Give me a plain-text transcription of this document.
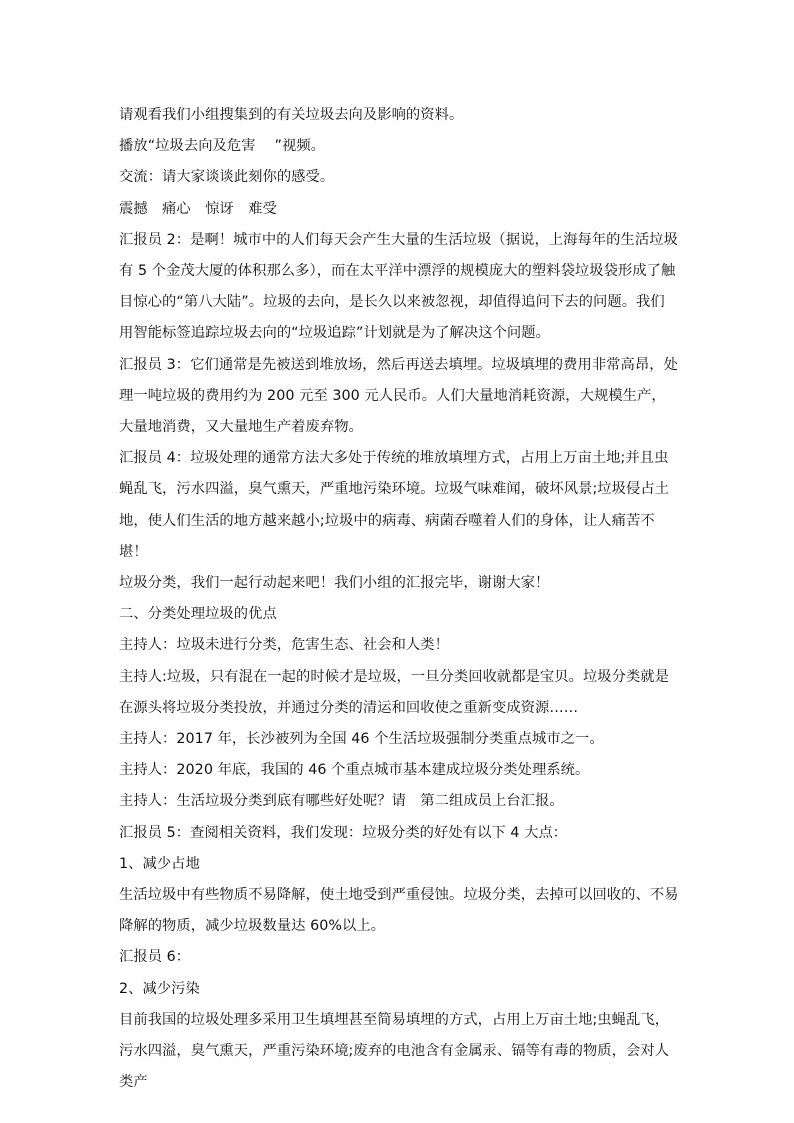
请观看我们小组搜集到的有关垃圾去向及影响的资料。

播放“垃圾去向及危害　 ”视频。

交流：请大家谈谈此刻你的感受。

震撼　痛心　惊讶　难受

汇报员 2：是啊！城市中的人们每天会产生大量的生活垃圾（据说，上海每年的生活垃圾有 5 个金茂大厦的体积那么多），而在太平洋中漂浮的规模庞大的塑料袋垃圾袋形成了触目惊心的“第八大陆”。垃圾的去向，是长久以来被忽视，却值得追问下去的问题。我们用智能标签追踪垃圾去向的“垃圾追踪”计划就是为了解决这个问题。

汇报员 3：它们通常是先被送到堆放场，然后再送去填埋。垃圾填埋的费用非常高昂，处理一吨垃圾的费用约为 200 元至 300 元人民币。人们大量地消耗资源，大规模生产，大量地消费，又大量地生产着废弃物。

汇报员 4：垃圾处理的通常方法大多处于传统的堆放填埋方式，占用上万亩土地;并且虫蝇乱飞，污水四溢，臭气熏天，严重地污染环境。垃圾气味难闻，破坏风景;垃圾侵占土地，使人们生活的地方越来越小;垃圾中的病毒、病菌吞噬着人们的身体，让人痛苦不堪！

垃圾分类，我们一起行动起来吧！我们小组的汇报完毕，谢谢大家！

二、分类处理垃圾的优点

主持人：垃圾未进行分类，危害生态、社会和人类！

主持人:垃圾，只有混在一起的时候才是垃圾，一旦分类回收就都是宝贝。垃圾分类就是在源头将垃圾分类投放，并通过分类的清运和回收使之重新变成资源……

主持人：2017 年，长沙被列为全国 46 个生活垃圾强制分类重点城市之一。

主持人：2020 年底，我国的 46 个重点城市基本建成垃圾分类处理系统。

主持人：生活垃圾分类到底有哪些好处呢？请　第二组成员上台汇报。

汇报员 5：查阅相关资料，我们发现：垃圾分类的好处有以下 4 大点：

1、减少占地

生活垃圾中有些物质不易降解，使土地受到严重侵蚀。垃圾分类，去掉可以回收的、不易降解的物质，减少垃圾数量达 60%以上。

汇报员 6：

2、减少污染

目前我国的垃圾处理多采用卫生填埋甚至简易填埋的方式，占用上万亩土地;虫蝇乱飞，污水四溢，臭气熏天，严重污染环境;废弃的电池含有金属汞、镉等有毒的物质，会对人类产
